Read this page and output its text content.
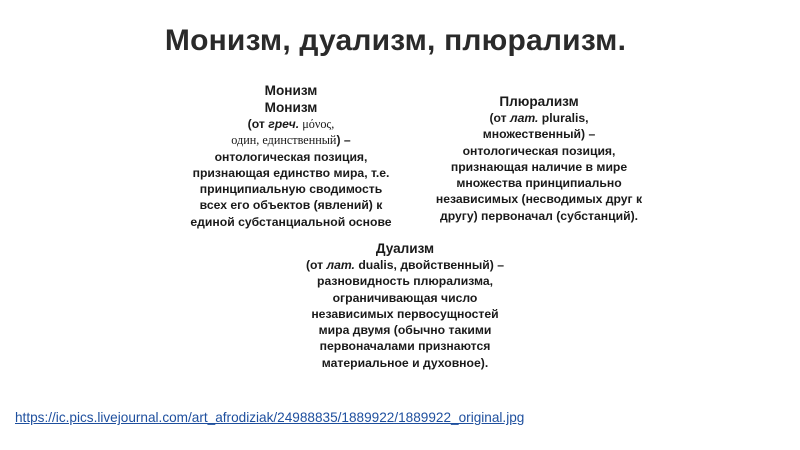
Монизм, дуализм, плюрализм.
Монизм
Монизм
(от греч. μόνος,
один, единственный) –
онтологическая позиция,
признающая единство мира, т.е.
принципиальную сводимость
всех его объектов (явлений) к
единой субстанциальной основе
Плюрализм
(от лат. pluralis,
множественный) –
онтологическая позиция,
признающая наличие в мире
множества принципиально
независимых (несводимых друг к
другу) первоначал (субстанций).
Дуализм
(от лат. dualis, двойственный) –
разновидность плюрализма,
ограничивающая число
независимых первосущностей
мира двумя (обычно такими
первоначалами признаются
материальное и духовное).
https://ic.pics.livejournal.com/art_afrodiziak/24988835/1889922/1889922_original.jpg
